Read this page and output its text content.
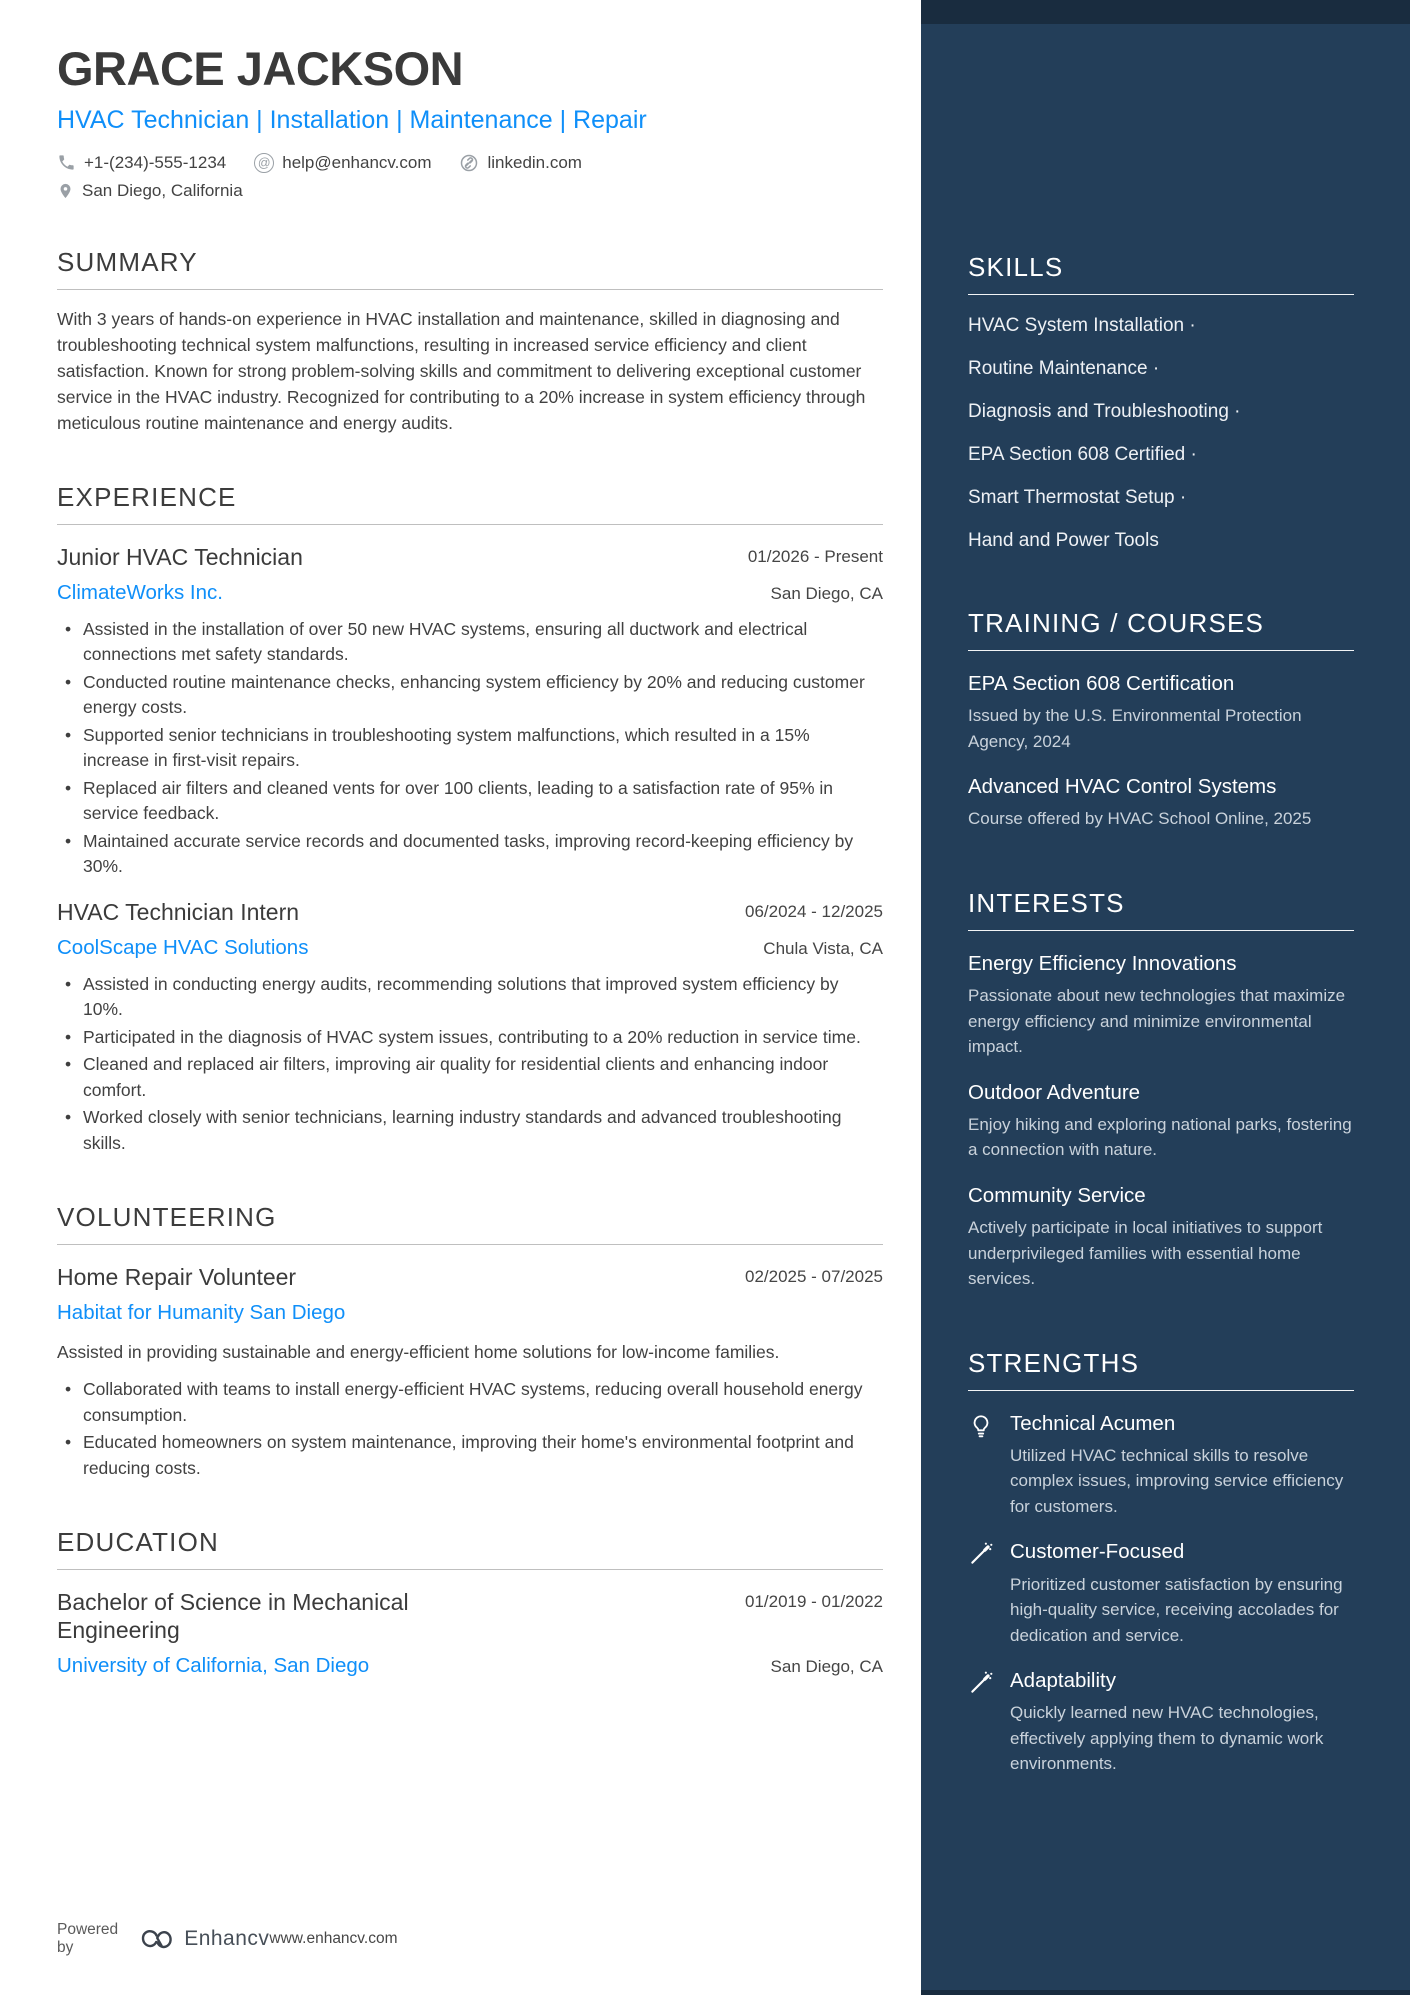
GRACE JACKSON
HVAC Technician | Installation | Maintenance | Repair
+1-(234)-555-1234	@ help@enhancv.com	linkedin.com
San Diego, California
SUMMARY

With 3 years of hands-on experience in HVAC installation and maintenance, skilled in diagnosing and troubleshooting technical system malfunctions, resulting in increased service efficiency and client satisfaction. Known for strong problem-solving skills and commitment to delivering exceptional customer service in the HVAC industry. Recognized for contributing to a 20% increase in system efficiency through meticulous routine maintenance and energy audits.

EXPERIENCE
Junior HVAC Technician	01/2026 - Present
ClimateWorks Inc.	San Diego, CA
• Assisted in the installation of over 50 new HVAC systems, ensuring all ductwork and electrical connections met safety standards.
• Conducted routine maintenance checks, enhancing system efficiency by 20% and reducing customer energy costs.
• Supported senior technicians in troubleshooting system malfunctions, which resulted in a 15% increase in first-visit repairs.
• Replaced air filters and cleaned vents for over 100 clients, leading to a satisfaction rate of 95% in service feedback.
• Maintained accurate service records and documented tasks, improving record-keeping efficiency by 30%.
HVAC Technician Intern	06/2024 - 12/2025
CoolScape HVAC Solutions	Chula Vista, CA
• Assisted in conducting energy audits, recommending solutions that improved system efficiency by 10%.
• Participated in the diagnosis of HVAC system issues, contributing to a 20% reduction in service time.
• Cleaned and replaced air filters, improving air quality for residential clients and enhancing indoor comfort.
• Worked closely with senior technicians, learning industry standards and advanced troubleshooting skills.
VOLUNTEERING
Home Repair Volunteer	02/2025 - 07/2025
Habitat for Humanity San Diego

Assisted in providing sustainable and energy-efficient home solutions for low-income families.

• Collaborated with teams to install energy-efficient HVAC systems, reducing overall household energy consumption.
• Educated homeowners on system maintenance, improving their home's environmental footprint and reducing costs.
EDUCATION
Bachelor of Science in Mechanical Engineering
01/2019 - 01/2022
University of California, San Diego	San Diego, CA
Powered by	Enhancv www.enhancv.com
SKILLS
HVAC System Installation ·
Routine Maintenance ·
Diagnosis and Troubleshooting ·
EPA Section 608 Certified ·
Smart Thermostat Setup ·
Hand and Power Tools
TRAINING / COURSES
EPA Section 608 Certification
Issued by the U.S. Environmental Protection Agency, 2024
Advanced HVAC Control Systems
Course offered by HVAC School Online, 2025
INTERESTS
Energy Efficiency Innovations
Passionate about new technologies that maximize energy efficiency and minimize environmental impact.
Outdoor Adventure
Enjoy hiking and exploring national parks, fostering a connection with nature.
Community Service
Actively participate in local initiatives to support underprivileged families with essential home services.
STRENGTHS
Technical Acumen
Utilized HVAC technical skills to resolve complex issues, improving service efficiency for customers.
Customer-Focused
Prioritized customer satisfaction by ensuring high-quality service, receiving accolades for dedication and service.
Adaptability
Quickly learned new HVAC technologies, effectively applying them to dynamic work environments.
